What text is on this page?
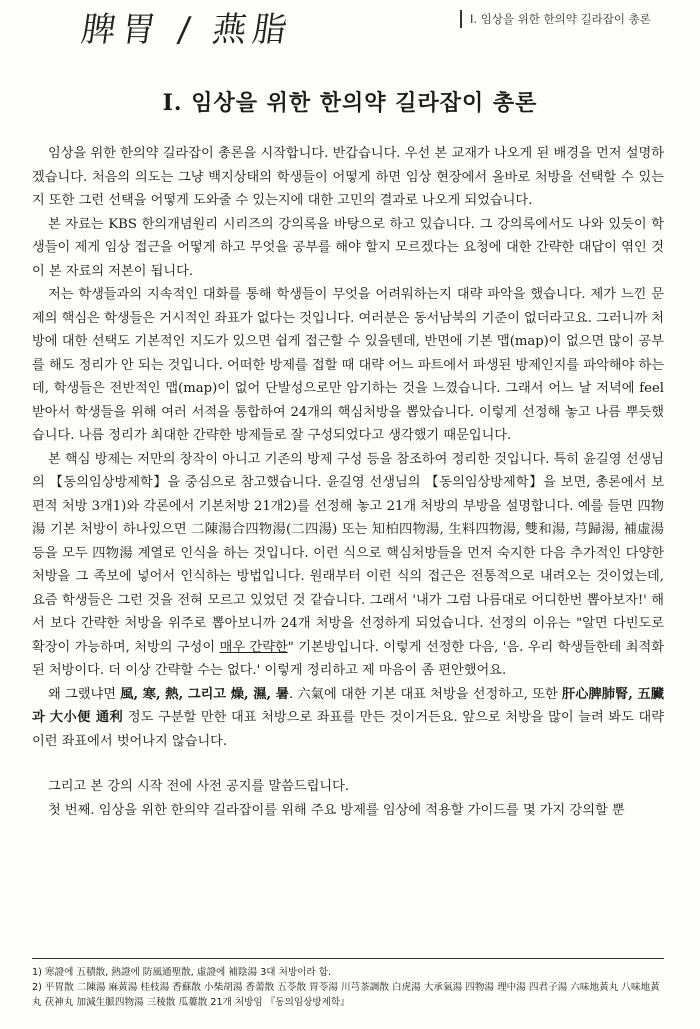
脾胃 / 燕脂	Ⅰ. 임상을 위한 한의약 길라잡이 총론
Ⅰ. 임상을 위한 한의약 길라잡이 총론

임상을 위한 한의약 길라잡이 총론을 시작합니다. 반갑습니다. 우선 본 교재가 나오게 된 배경을 먼저 설명하겠습니다. 처음의 의도는 그냥 백지상태의 학생들이 어떻게 하면 임상 현장에서 올바로 처방을 선택할 수 있는지 또한 그런 선택을 어떻게 도와줄 수 있는지에 대한 고민의 결과로 나오게 되었습니다.

본 자료는 KBS 한의개념원리 시리즈의 강의록을 바탕으로 하고 있습니다. 그 강의록에서도 나와 있듯이 학생들이 제게 임상 접근을 어떻게 하고 무엇을 공부를 해야 할지 모르겠다는 요청에 대한 간략한 대답이 엮인 것이 본 자료의 저본이 됩니다.

저는 학생들과의 지속적인 대화를 통해 학생들이 무엇을 어려워하는지 대략 파악을 했습니다. 제가 느낀 문제의 핵심은 학생들은 거시적인 좌표가 없다는 것입니다. 여러분은 동서남북의 기준이 없더라고요. 그러니까 처방에 대한 선택도 기본적인 지도가 있으면 쉽게 접근할 수 있을텐데, 반면에 기본 맵(map)이 없으면 많이 공부를 해도 정리가 안 되는 것입니다. 어떠한 방제를 접할 때 대략 어느 파트에서 파생된 방제인지를 파악해야 하는데, 학생들은 전반적인 맵(map)이 없어 단발성으로만 암기하는 것을 느꼈습니다. 그래서 어느 날 저녁에 feel 받아서 학생들을 위해 여러 서적을 통합하여 24개의 핵심처방을 뽑았습니다. 이렇게 선정해 놓고 나름 뿌듯했습니다. 나름 정리가 최대한 간략한 방제들로 잘 구성되었다고 생각했기 때문입니다.

본 핵심 방제는 저만의 창작이 아니고 기존의 방제 구성 등을 참조하여 정리한 것입니다. 특히 윤길영 선생님의 【동의임상방제학】을 중심으로 참고했습니다. 윤길영 선생님의 【동의임상방제학】을 보면, 총론에서 보편적 처방 3개1)와 각론에서 기본처방 21개2)를 선정해 놓고 21개 처방의 부방을 설명합니다. 예를 들면 四物湯 기본 처방이 하나있으면 二陳湯合四物湯(二四湯) 또는 知柏四物湯, 生料四物湯, 雙和湯, 芎歸湯, 補虛湯 등을 모두 四物湯 계열로 인식을 하는 것입니다. 이런 식으로 핵심처방들을 먼저 숙지한 다음 추가적인 다양한 처방을 그 족보에 넣어서 인식하는 방법입니다. 원래부터 이런 식의 접근은 전통적으로 내려오는 것이었는데, 요즘 학생들은 그런 것을 전혀 모르고 있었던 것 같습니다. 그래서 '내가 그럼 나름대로 어디한번 뽑아보자!' 해서 보다 간략한 처방을 위주로 뽑아보니까 24개 처방을 선정하게 되었습니다. 선정의 이유는 "알면 다빈도로 확장이 가능하며, 처방의 구성이 매우 간략한" 기본방입니다. 이렇게 선정한 다음, '음. 우리 학생들한테 최적화된 처방이다. 더 이상 간략할 수는 없다.' 이렇게 정리하고 제 마음이 좀 편안했어요.

왜 그랬냐면 風, 寒, 熱, 그리고 燥, 濕, 暑. 六氣에 대한 기본 대표 처방을 선정하고, 또한 肝心脾肺腎, 五臟과 大小便 通利 정도 구분할 만한 대표 처방으로 좌표를 만든 것이거든요. 앞으로 처방을 많이 늘려 봐도 대략 이런 좌표에서 벗어나지 않습니다.

그리고 본 강의 시작 전에 사전 공지를 말씀드립니다.

첫 번째. 임상을 위한 한의약 길라잡이를 위해 주요 방제를 임상에 적용할 가이드를 몇 가지 강의할 뿐

1) 寒證에 五積散, 熱證에 防風通聖散, 虛證에 補陰湯 3대 처방이라 함.
2) 平胃散 二陳湯 麻黃湯 桂枝湯 香蘇散 小柴胡湯 香薷散 五苓散 胃苓湯 川芎茶調散 白虎湯 大承氣湯 四物湯 理中湯 四君子湯 六味地黃丸 八味地黃丸 茯神丸 加減生脈四物湯 三稜散 瓜蔞散 21개 처방임 『동의임상방제학』
